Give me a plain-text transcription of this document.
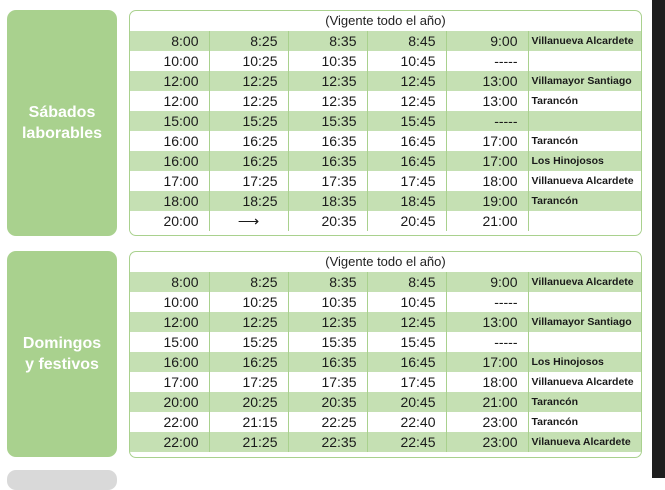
Sábados
laborables
(Vigente todo el año)
8:00	8:25	8:35	8:45	9:00	Villanueva Alcardete
10:00	10:25	10:35	10:45	-----	
12:00	12:25	12:35	12:45	13:00	Villamayor Santiago
12:00	12:25	12:35	12:45	13:00	Tarancón
15:00	15:25	15:35	15:45	-----	
16:00	16:25	16:35	16:45	17:00	Tarancón
16:00	16:25	16:35	16:45	17:00	Los Hinojosos
17:00	17:25	17:35	17:45	18:00	Villanueva Alcardete
18:00	18:25	18:35	18:45	19:00	Tarancón
20:00	⟶	20:35	20:45	21:00	
Domingos
y festivos
(Vigente todo el año)
8:00	8:25	8:35	8:45	9:00	Villanueva Alcardete
10:00	10:25	10:35	10:45	-----	
12:00	12:25	12:35	12:45	13:00	Villamayor Santiago
15:00	15:25	15:35	15:45	-----	
16:00	16:25	16:35	16:45	17:00	Los Hinojosos
17:00	17:25	17:35	17:45	18:00	Villanueva Alcardete
20:00	20:25	20:35	20:45	21:00	Tarancón
22:00	21:15	22:25	22:40	23:00	Tarancón
22:00	21:25	22:35	22:45	23:00	Vilanueva Alcardete
